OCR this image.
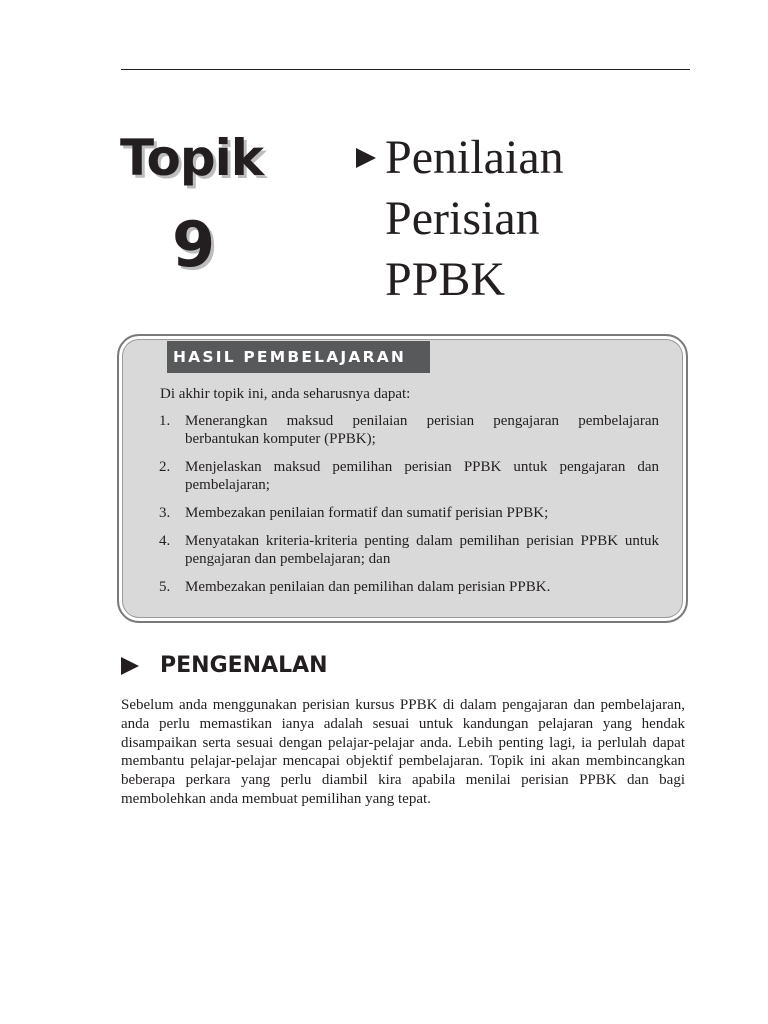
Topik
9
Penilaian
Perisian
PPBK
HASIL PEMBELAJARAN
Di akhir topik ini, anda seharusnya dapat:
1. Menerangkan maksud penilaian perisian pengajaran pembelajaran berbantukan komputer (PPBK);
2. Menjelaskan maksud pemilihan perisian PPBK untuk pengajaran dan pembelajaran;
3. Membezakan penilaian formatif dan sumatif perisian PPBK;
4. Menyatakan kriteria-kriteria penting dalam pemilihan perisian PPBK untuk pengajaran dan pembelajaran; dan
5. Membezakan penilaian dan pemilihan dalam perisian PPBK.
PENGENALAN

Sebelum anda menggunakan perisian kursus PPBK di dalam pengajaran dan pembelajaran, anda perlu memastikan ianya adalah sesuai untuk kandungan pelajaran yang hendak disampaikan serta sesuai dengan pelajar-pelajar anda. Lebih penting lagi, ia perlulah dapat membantu pelajar-pelajar mencapai objektif pembelajaran. Topik ini akan membincangkan beberapa perkara yang perlu diambil kira apabila menilai perisian PPBK dan bagi membolehkan anda membuat pemilihan yang tepat.
